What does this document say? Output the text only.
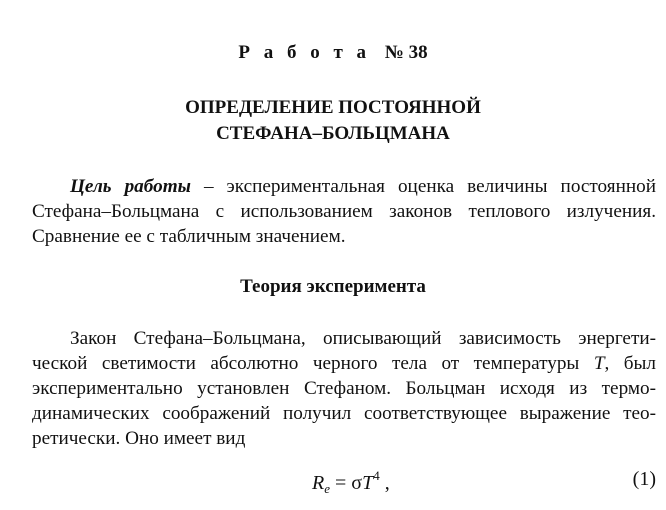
Р а б о т а № 38
ОПРЕДЕЛЕНИЕ ПОСТОЯННОЙ
СТЕФАНА–БОЛЬЦМАНА
Цель работы – экспериментальная оценка величины постоянной
Стефана–Больцмана с использованием законов теплового излучения.
Сравнение ее с табличным значением.
Теория эксперимента
Закон Стефана–Больцмана, описывающий зависимость энергети-
ческой светимости абсолютно черного тела от температуры T, был
экспериментально установлен Стефаном. Больцман исходя из термо-
динамических соображений получил соответствующее выражение тео-
ретически. Оно имеет вид
$R_e = \sigma T^4$ ,	(1)
